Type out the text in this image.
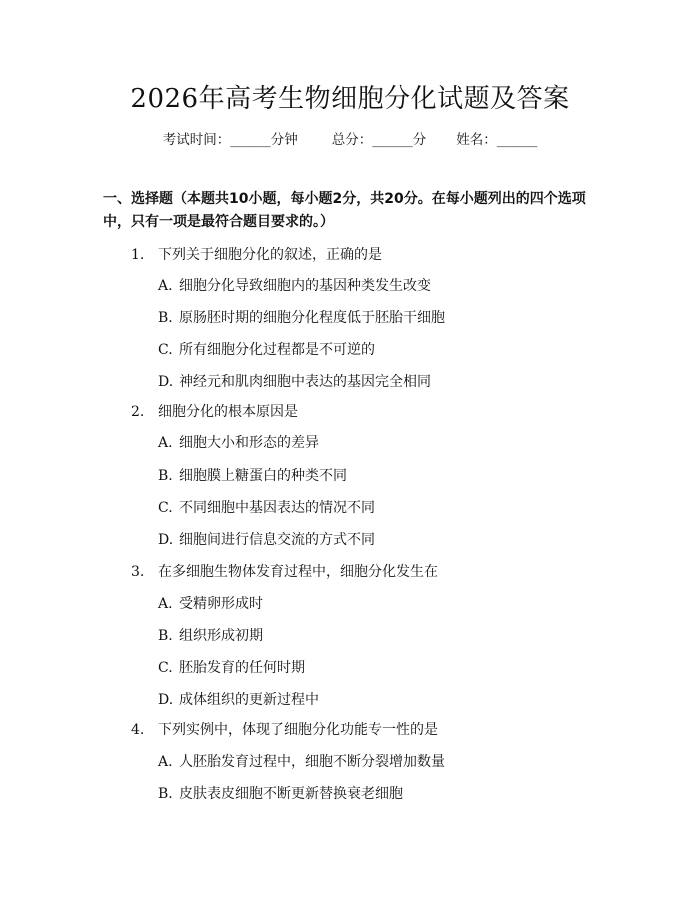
2026年高考生物细胞分化试题及答案
考试时间：______分钟	总分：______分 姓名：______
一、选择题（本题共10小题，每小题2分，共20分。在每小题列出的四个选项中，只有一项是最符合题目要求的。）
1. 下列关于细胞分化的叙述，正确的是
A. 细胞分化导致细胞内的基因种类发生改变
B. 原肠胚时期的细胞分化程度低于胚胎干细胞
C. 所有细胞分化过程都是不可逆的
D. 神经元和肌肉细胞中表达的基因完全相同
2. 细胞分化的根本原因是
A. 细胞大小和形态的差异
B. 细胞膜上糖蛋白的种类不同
C. 不同细胞中基因表达的情况不同
D. 细胞间进行信息交流的方式不同
3. 在多细胞生物体发育过程中，细胞分化发生在
A. 受精卵形成时
B. 组织形成初期
C. 胚胎发育的任何时期
D. 成体组织的更新过程中
4. 下列实例中，体现了细胞分化功能专一性的是
A. 人胚胎发育过程中，细胞不断分裂增加数量
B. 皮肤表皮细胞不断更新替换衰老细胞
